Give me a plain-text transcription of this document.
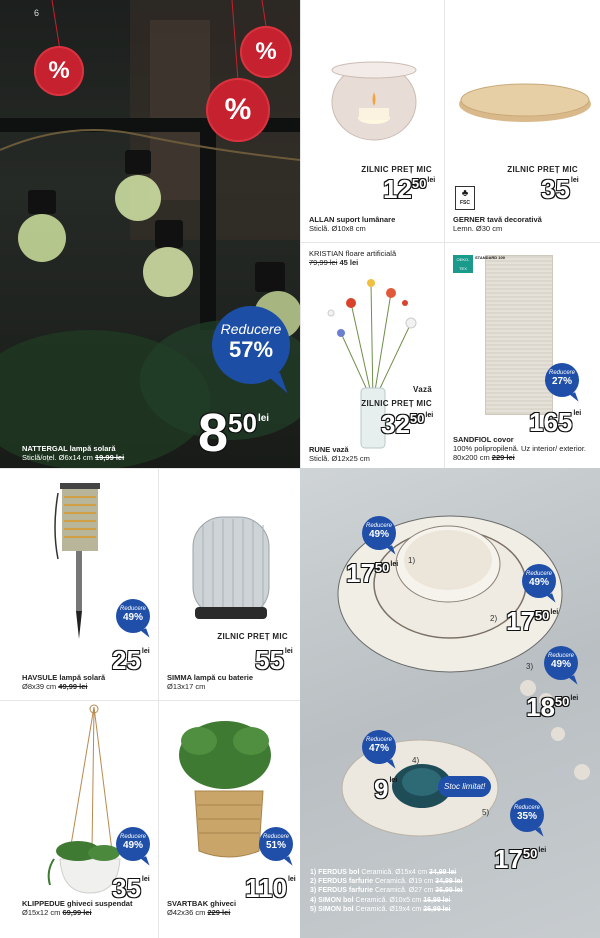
6
%
%
%
Reducere
57%
$850^{lei}$
NATTERGAL lampă solară
Sticlă/oțel. Ø6x14 cm 19,99 lei
ZILNIC PREȚ MIC
$12^{50lei}$
ALLAN suport lumânare
Sticlă. Ø10x8 cm
ZILNIC PREȚ MIC
$35^{lei}$
♣
FSC
GERNER tavă decorativă
Lemn. Ø30 cm
KRISTIAN floare artificială
79,99 lei 45 lei
Vază
ZILNIC PREȚ MIC
$32^{50lei}$
RUNE vază
Sticlă. Ø12x25 cm
OEKO-TEX
STANDARD 100
Reducere
27%
$165^{lei}$
SANDFIOL covor
100% polipropilenă. Uz interior/ exterior. 80x200 cm 229 lei
Reducere
49%
$25^{lei}$
HAVSULE lampă solară
Ø8x39 cm 49,99 lei
ZILNIC PREȚ MIC
$55^{lei}$
SIMMA lampă cu baterie
Ø13x17 cm
Reducere
49%
$35^{lei}$
KLIPPEDUE ghiveci suspendat
Ø15x12 cm 69,99 lei
Reducere
51%
$110^{lei}$
SVARTBAK ghiveci
Ø42x36 cm 229 lei
Reducere
49%
$17^{50lei}$ 1)
Reducere
49%
$17^{50lei}$
2)
Reducere
49%
$18^{50lei}$
3)
Reducere
47%
$9^{lei}$
4)
Stoc limitat!
Reducere
35%
$17^{50lei}$
5)
1) FERDUS bol Ceramică. Ø15x4 cm 34,99 lei
2) FERDUS farfurie Ceramică. Ø19 cm 34,99 lei
3) FERDUS farfurie Ceramică. Ø27 cm 36,99 lei
4) SIMON bol Ceramică. Ø10x5 cm 16,99 lei
5) SIMON bol Ceramică. Ø19x4 cm 26,99 lei
